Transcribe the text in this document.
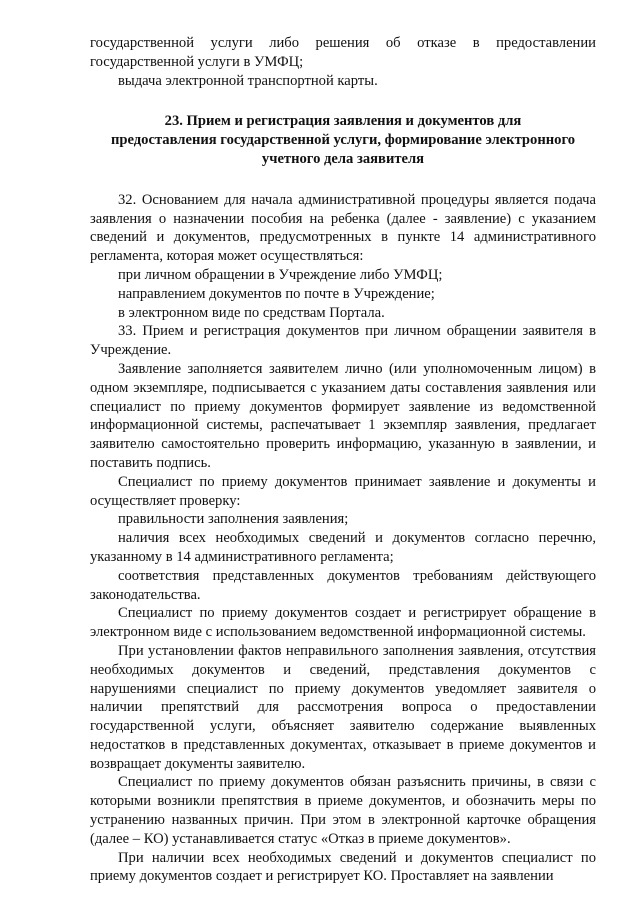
государственной услуги либо решения об отказе в предоставлении государственной услуги в УМФЦ;

выдача электронной транспортной карты.

23. Прием и регистрация заявления и документов для
предоставления государственной услуги, формирование электронного
учетного дела заявителя

32. Основанием для начала административной процедуры является подача заявления о назначении пособия на ребенка (далее - заявление) с указанием сведений и документов, предусмотренных в пункте 14 административного регламента, которая может осуществляться:

при личном обращении в Учреждение либо УМФЦ;

направлением документов по почте в Учреждение;

в электронном виде по средствам Портала.

33. Прием и регистрация документов при личном обращении заявителя в Учреждение.

Заявление заполняется заявителем лично (или уполномоченным лицом) в одном экземпляре, подписывается с указанием даты составления заявления или специалист по приему документов формирует заявление из ведомственной информационной системы, распечатывает 1 экземпляр заявления, предлагает заявителю самостоятельно проверить информацию, указанную в заявлении, и поставить подпись.

Специалист по приему документов принимает заявление и документы и осуществляет проверку:

правильности заполнения заявления;

наличия всех необходимых сведений и документов согласно перечню, указанному в 14 административного регламента;

соответствия представленных документов требованиям действующего законодательства.

Специалист по приему документов создает и регистрирует обращение в электронном виде с использованием ведомственной информационной системы.

При установлении фактов неправильного заполнения заявления, отсутствия необходимых документов и сведений, представления документов с нарушениями специалист по приему документов уведомляет заявителя о наличии препятствий для рассмотрения вопроса о предоставлении государственной услуги, объясняет заявителю содержание выявленных недостатков в представленных документах, отказывает в приеме документов и возвращает документы заявителю.

Специалист по приему документов обязан разъяснить причины, в связи с которыми возникли препятствия в приеме документов, и обозначить меры по устранению названных причин. При этом в электронной карточке обращения (далее – КО) устанавливается статус «Отказ в приеме документов».

При наличии всех необходимых сведений и документов специалист по приему документов создает и регистрирует КО. Проставляет на заявлении
